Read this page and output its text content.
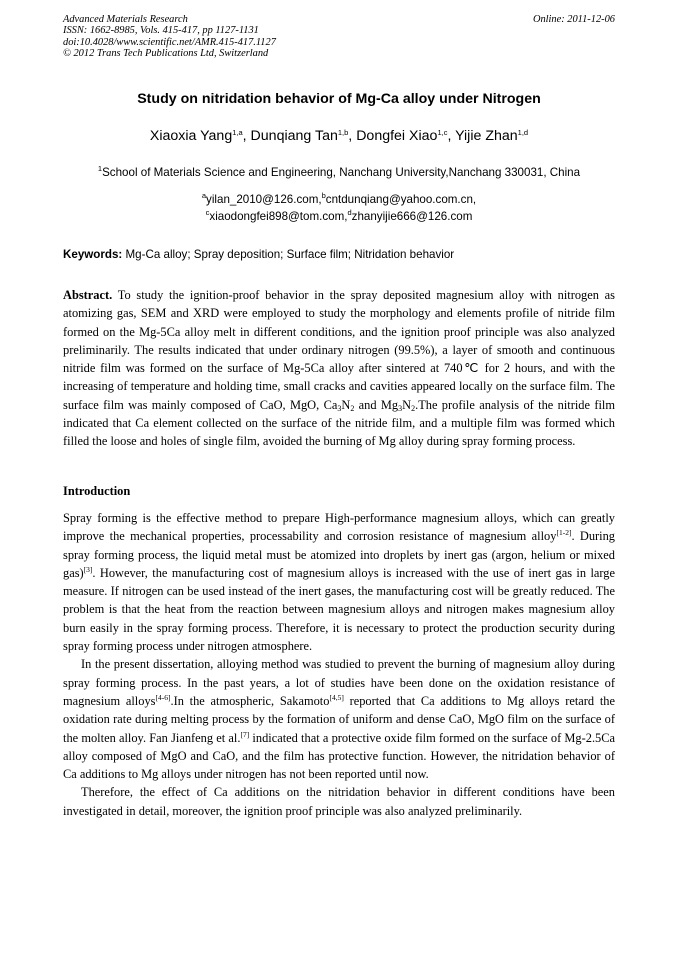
Advanced Materials Research
ISSN: 1662-8985, Vols. 415-417, pp 1127-1131
doi:10.4028/www.scientific.net/AMR.415-417.1127
© 2012 Trans Tech Publications Ltd, Switzerland
Online: 2011-12-06
Study on nitridation behavior of Mg-Ca alloy under Nitrogen
Xiaoxia Yang$^{1,a}$, Dunqiang Tan$^{1,b}$, Dongfei Xiao$^{1,c}$, Yijie Zhan$^{1,d}$
$^1$School of Materials Science and Engineering, Nanchang University,Nanchang 330031, China
$^a$yilan_2010@126.com,$^b$cntdunqiang@yahoo.com.cn,
$^c$xiaodongfei898@tom.com,$^d$zhanyijie666@126.com
Keywords: Mg-Ca alloy; Spray deposition; Surface film; Nitridation behavior
Abstract. To study the ignition-proof behavior in the spray deposited magnesium alloy with nitrogen as atomizing gas, SEM and XRD were employed to study the morphology and elements profile of nitride film formed on the Mg-5Ca alloy melt in different conditions, and the ignition proof principle was also analyzed preliminarily. The results indicated that under ordinary nitrogen (99.5%), a layer of smooth and continuous nitride film was formed on the surface of Mg-5Ca alloy after sintered at 740℃ for 2 hours, and with the increasing of temperature and holding time, small cracks and cavities appeared locally on the surface film. The surface film was mainly composed of CaO, MgO, $Ca_3N_2$ and $Mg_3N_2.The$ profile analysis of the nitride film indicated that Ca element collected on the surface of the nitride film, and a multiple film was formed which filled the loose and holes of single film, avoided the burning of Mg alloy during spray forming process.
Introduction

Spray forming is the effective method to prepare High-performance magnesium alloys, which can greatly improve the mechanical properties, processability and corrosion resistance of magnesium alloy[1-2]. During spray forming process, the liquid metal must be atomized into droplets by inert gas (argon, helium or mixed gas)[3]. However, the manufacturing cost of magnesium alloys is increased with the use of inert gas in large measure. If nitrogen can be used instead of the inert gases, the manufacturing cost will be greatly reduced. The problem is that the heat from the reaction between magnesium alloys and nitrogen makes magnesium alloy burn easily in the spray forming process. Therefore, it is necessary to protect the production security during spray forming process under nitrogen atmosphere.

In the present dissertation, alloying method was studied to prevent the burning of magnesium alloy during spray forming process. In the past years, a lot of studies have been done on the oxidation resistance of magnesium alloys[4-6].In the atmospheric, Sakamoto[4,5] reported that Ca additions to Mg alloys retard the oxidation rate during melting process by the formation of uniform and dense CaO, MgO film on the surface of the molten alloy. Fan Jianfeng et al.[7] indicated that a protective oxide film formed on the surface of Mg-2.5Ca alloy composed of MgO and CaO, and the film has protective function. However, the nitridation behavior of Ca additions to Mg alloys under nitrogen has not been reported until now.

Therefore, the effect of Ca additions on the nitridation behavior in different conditions have been investigated in detail, moreover, the ignition proof principle was also analyzed preliminarily.
